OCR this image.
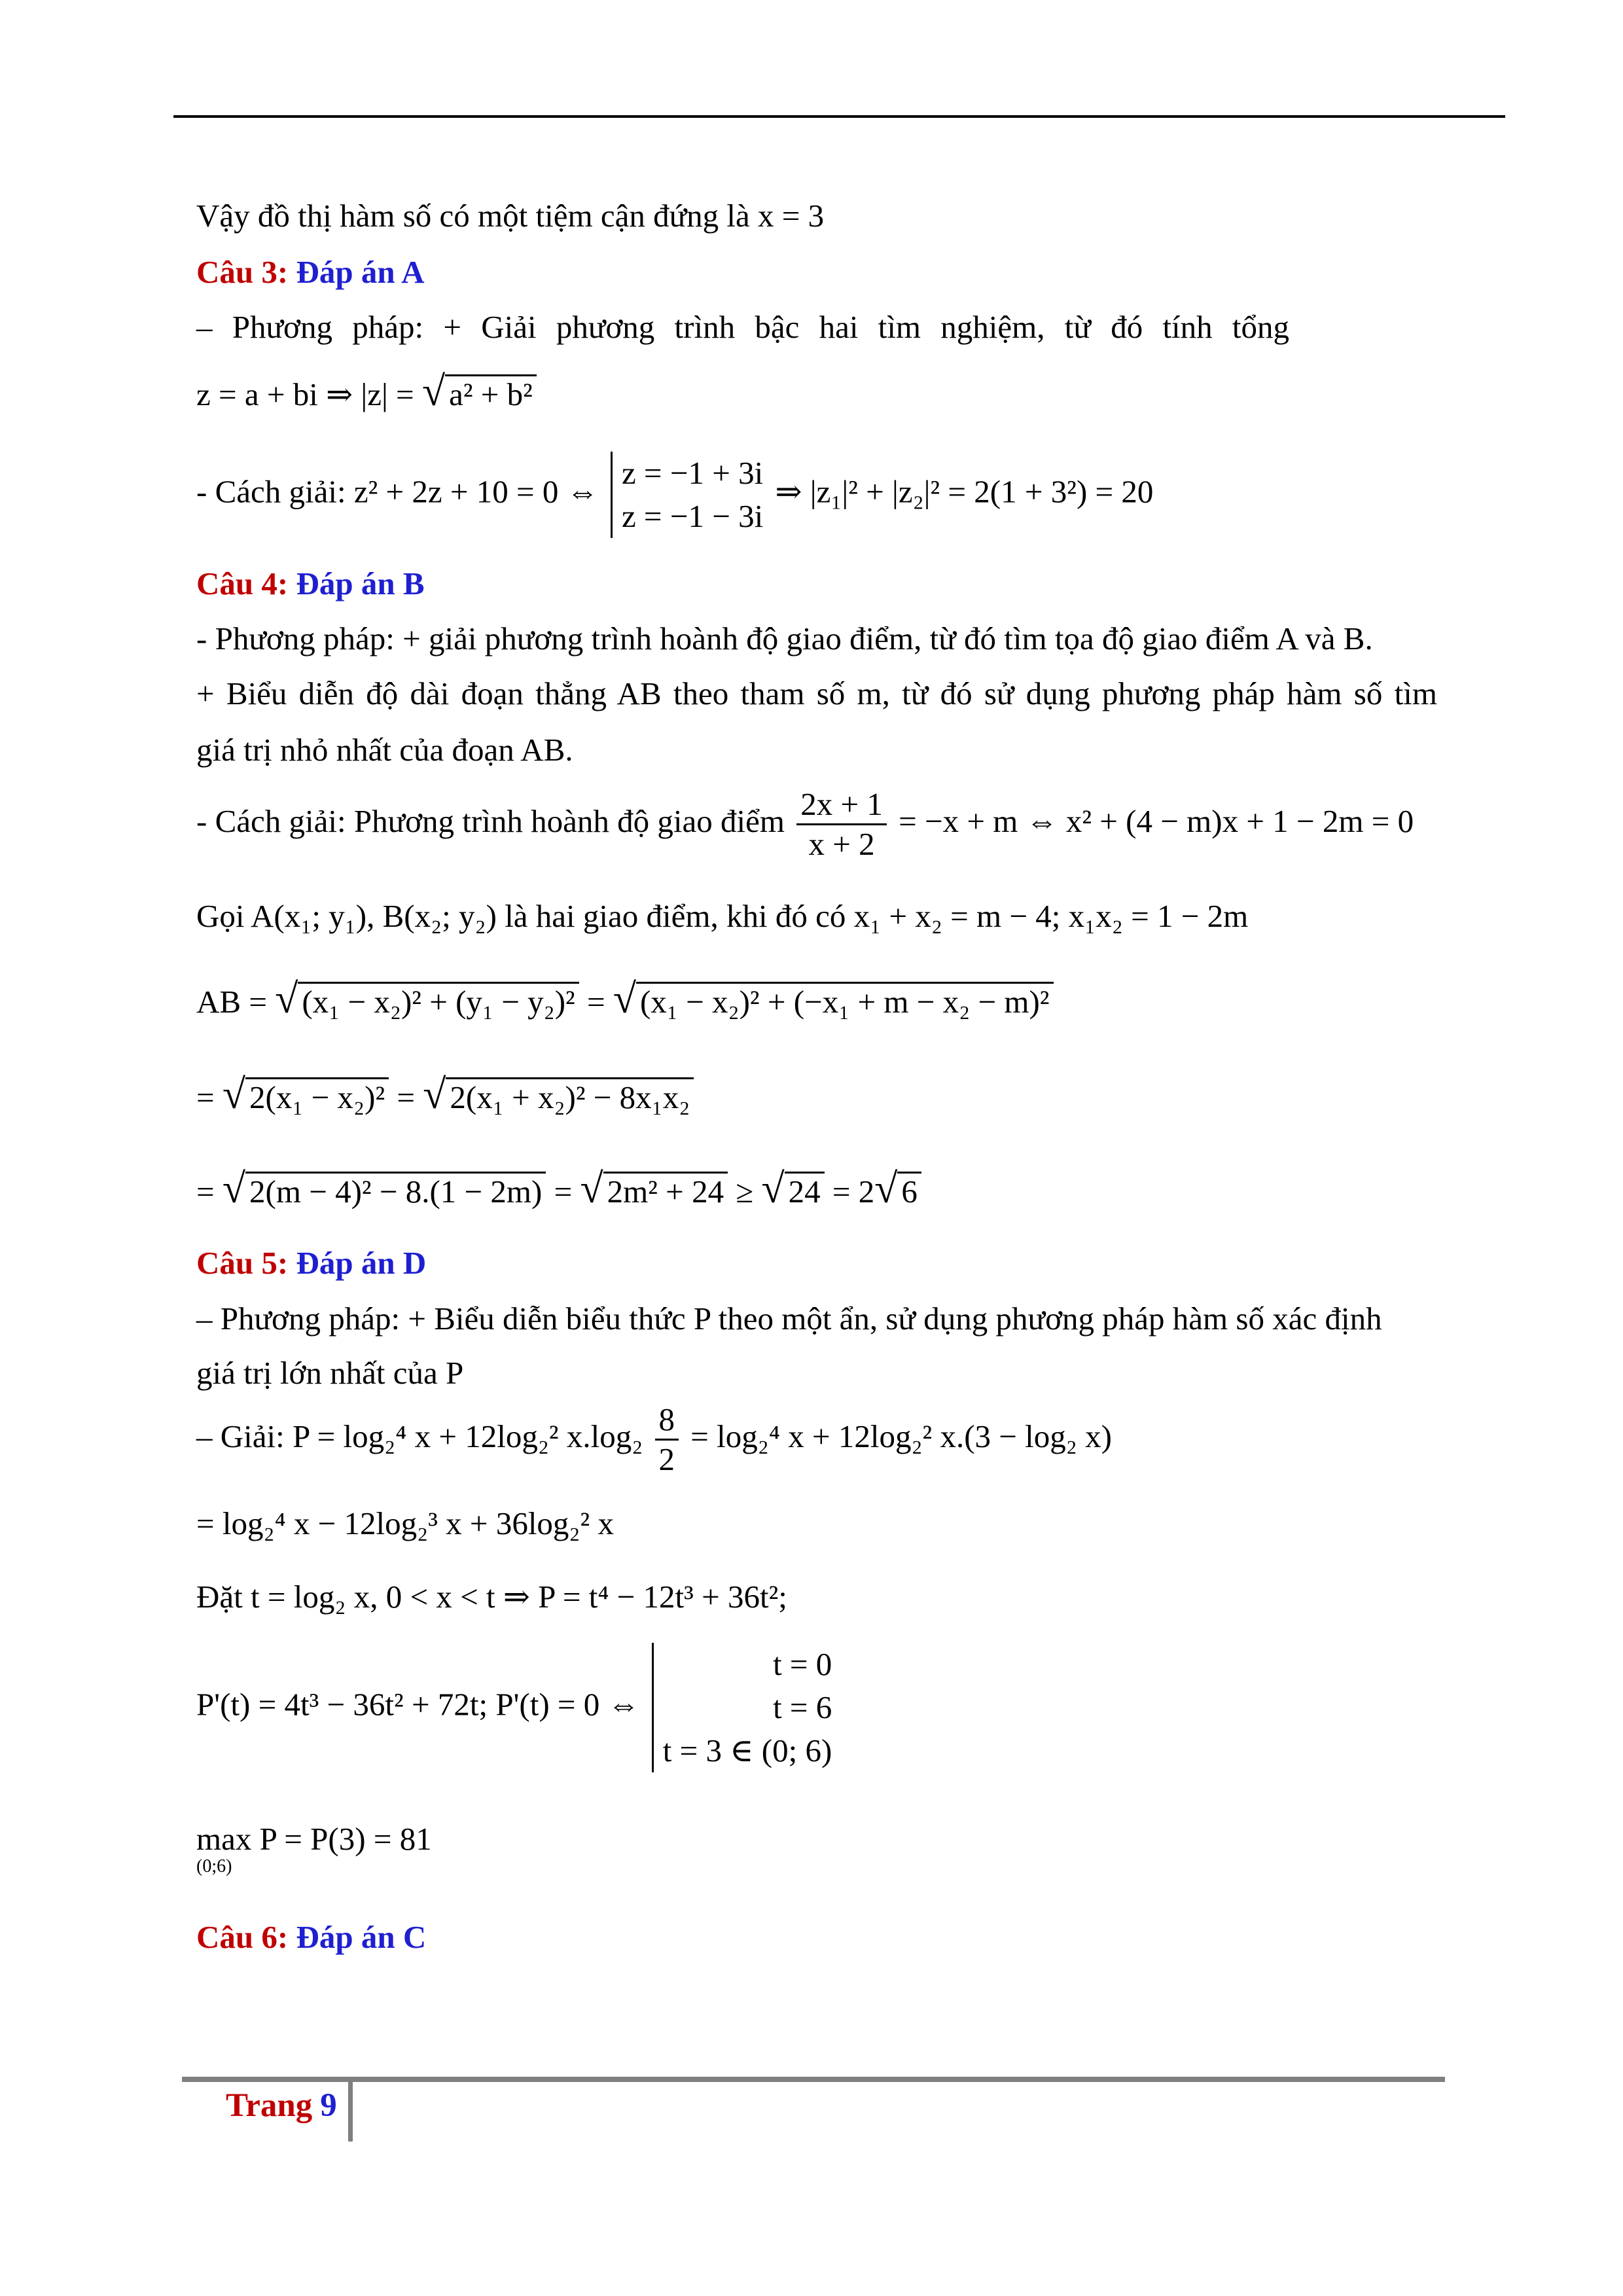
Vậy đồ thị hàm số có một tiệm cận đứng là x = 3
Câu 3: Đáp án A
– Phương pháp: + Giải phương trình bậc hai tìm nghiệm, từ đó tính tổng
z = a + bi ⇒ |z| = √ a² + b²
- Cách giải: z² + 2z + 10 = 0 ⇔
z = −1 + 3i
z = −1 − 3i
⇒ |z₁|² + |z₂|² = 2(1 + 3²) = 20
Câu 4: Đáp án B
- Phương pháp: + giải phương trình hoành độ giao điểm, từ đó tìm tọa độ giao điểm A và B.
+ Biểu diễn độ dài đoạn thẳng AB theo tham số m, từ đó sử dụng phương pháp hàm số tìm
giá trị nhỏ nhất của đoạn AB.
- Cách giải: Phương trình hoành độ giao điểm $\frac{2x + 1}{x + 2} = -x + m$ ⇔ x² + (4 − m)x + 1 − 2m = 0
Gọi A(x₁; y₁), B(x₂; y₂) là hai giao điểm, khi đó có x₁ + x₂ = m − 4; x₁x₂ = 1 − 2m
AB = √ (x₁ − x₂)² + (y₁ − y₂)² = √ (x₁ − x₂)² + (−x₁ + m − x₂ − m)²
= √ 2(x₁ − x₂)² = √ 2(x₁ + x₂)² − 8x₁x₂
= √ 2(m − 4)² − 8.(1 − 2m) = √ 2m² + 24 ≥ √ 24 = 2√ 6
Câu 5: Đáp án D
– Phương pháp: + Biểu diễn biểu thức P theo một ẩn, sử dụng phương pháp hàm số xác định
giá trị lớn nhất của P
– Giải: P = log₂⁴ x + 12log₂² $x.\log_2 \frac{8}{2} = \log_2^4$ x + 12log₂² x.(3 − log₂ x)
= log₂⁴ x − 12log₂³ x + 36log₂² x
Đặt t = log₂ x, 0 < x < t ⇒ P = t⁴ − 12t³ + 36t²;
P'(t) = 4t³ − 36t² + 72t; P'(t) = 0 ⇔
t = 0
t = 6
t = 3 ∈ (0; 6)
max P = P(3) = 81
(0;6)
Câu 6: Đáp án C
Trang 9
